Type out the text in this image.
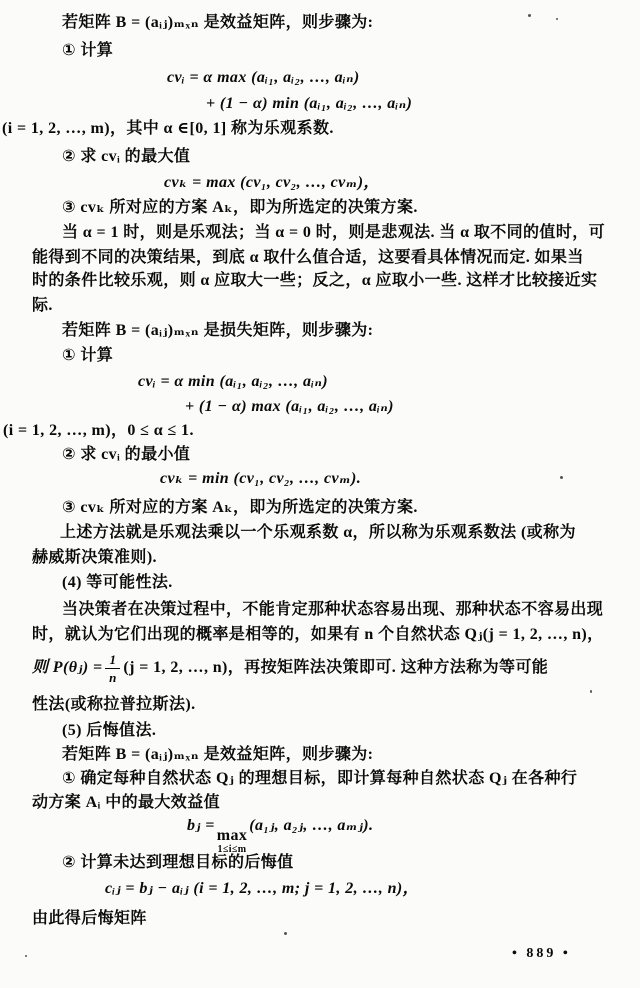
若矩阵 B = (aᵢⱼ)ₘₓₙ 是效益矩阵，则步骤为:

① 计算

cvᵢ = α max (aᵢ₁, aᵢ₂, …, aᵢₙ)

+ (1 − α) min (aᵢ₁, aᵢ₂, …, aᵢₙ)

(i = 1, 2, …, m)，其中 α ∈[0, 1] 称为乐观系数.

② 求 cvᵢ 的最大值

cvₖ = max (cv₁, cv₂, …, cvₘ)，

③ cvₖ 所对应的方案 Aₖ，即为所选定的决策方案.

当 α = 1 时，则是乐观法；当 α = 0 时，则是悲观法. 当 α 取不同的值时，可

能得到不同的决策结果，到底 α 取什么值合适，这要看具体情况而定. 如果当

时的条件比较乐观，则 α 应取大一些；反之，α 应取小一些. 这样才比较接近实

际.

若矩阵 B = (aᵢⱼ)ₘₓₙ 是损失矩阵，则步骤为:

① 计算

cvᵢ = α min (aᵢ₁, aᵢ₂, …, aᵢₙ)

+ (1 − α) max (aᵢ₁, aᵢ₂, …, aᵢₙ)

(i = 1, 2, …, m)，0 ≤ α ≤ 1.

② 求 cvᵢ 的最小值

cvₖ = min (cv₁, cv₂, …, cvₘ).

③ cvₖ 所对应的方案 Aₖ，即为所选定的决策方案.

上述方法就是乐观法乘以一个乐观系数 α，所以称为乐观系数法 (或称为

赫威斯决策准则).

(4) 等可能性法.

当决策者在决策过程中，不能肯定那种状态容易出现、那种状态不容易出现

时，就认为它们出现的概率是相等的，如果有 n 个自然状态 Qⱼ(j = 1, 2, …, n)，

则 P(θⱼ) = $\frac{1}{n} (j = 1$, 2, …, n)，再按矩阵法决策即可. 这种方法称为等可能

性法(或称拉普拉斯法).

(5) 后悔值法.

若矩阵 B = (aᵢⱼ)ₘₓₙ 是效益矩阵，则步骤为:

① 确定每种自然状态 Qⱼ 的理想目标，即计算每种自然状态 Qⱼ 在各种行

动方案 Aᵢ 中的最大效益值

bⱼ =
max
1≤i≤m
(a₁ⱼ, a₂ⱼ, …, aₘⱼ).

② 计算未达到理想目标的后悔值

cᵢⱼ = bⱼ − aᵢⱼ (i = 1, 2, …, m; j = 1, 2, …, n)，

由此得后悔矩阵

• 889 •
